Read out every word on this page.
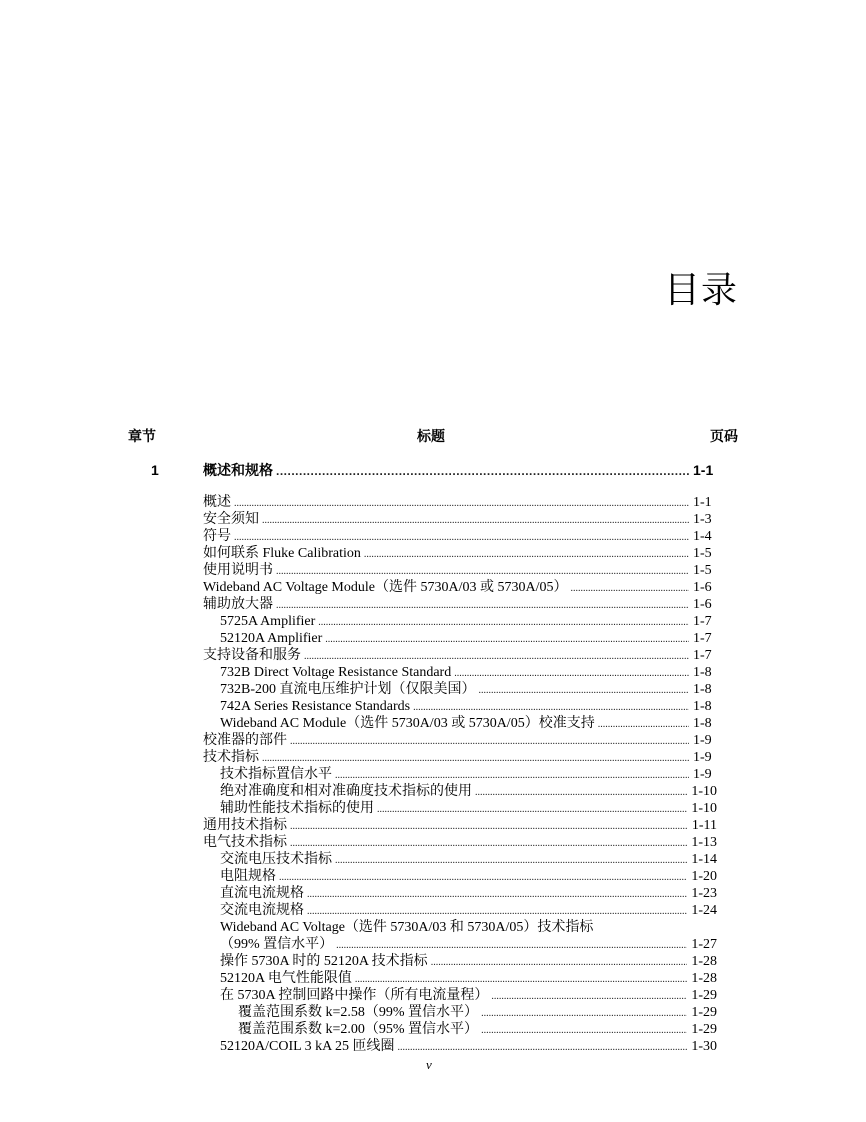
目录
章节	标题	页码
1	概述和规格 .....	1-1
概述 .....	1-1
安全须知 .....	1-3
符号 .....	1-4
如何联系 Fluke Calibration .....	1-5
使用说明书 .....	1-5
Wideband AC Voltage Module（选件 5730A/03 或 5730A/05） .....	1-6
辅助放大器 .....	1-6
5725A Amplifier .....	1-7
52120A Amplifier .....	1-7
支持设备和服务 .....	1-7
732B Direct Voltage Resistance Standard .....	1-8
732B-200 直流电压维护计划（仅限美国） .....	1-8
742A Series Resistance Standards .....	1-8
Wideband AC Module（选件 5730A/03 或 5730A/05）校准支持 .....	1-8
校准器的部件 .....	1-9
技术指标 .....	1-9
技术指标置信水平 .....	1-9
绝对准确度和相对准确度技术指标的使用 .....	1-10
辅助性能技术指标的使用 .....	1-10
通用技术指标 .....	1-11
电气技术指标 .....	1-13
交流电压技术指标 .....	1-14
电阻规格 .....	1-20
直流电流规格 .....	1-23
交流电流规格 .....	1-24
Wideband AC Voltage（选件 5730A/03 和 5730A/05）技术指标
（99% 置信水平） .....	1-27
操作 5730A 时的 52120A 技术指标 .....	1-28
52120A 电气性能限值 .....	1-28
在 5730A 控制回路中操作（所有电流量程） .....	1-29
覆盖范围系数 k=2.58（99% 置信水平） .....	1-29
覆盖范围系数 k=2.00（95% 置信水平） .....	1-29
52120A/COIL 3 kA 25 匝线圈 .....	1-30
v
